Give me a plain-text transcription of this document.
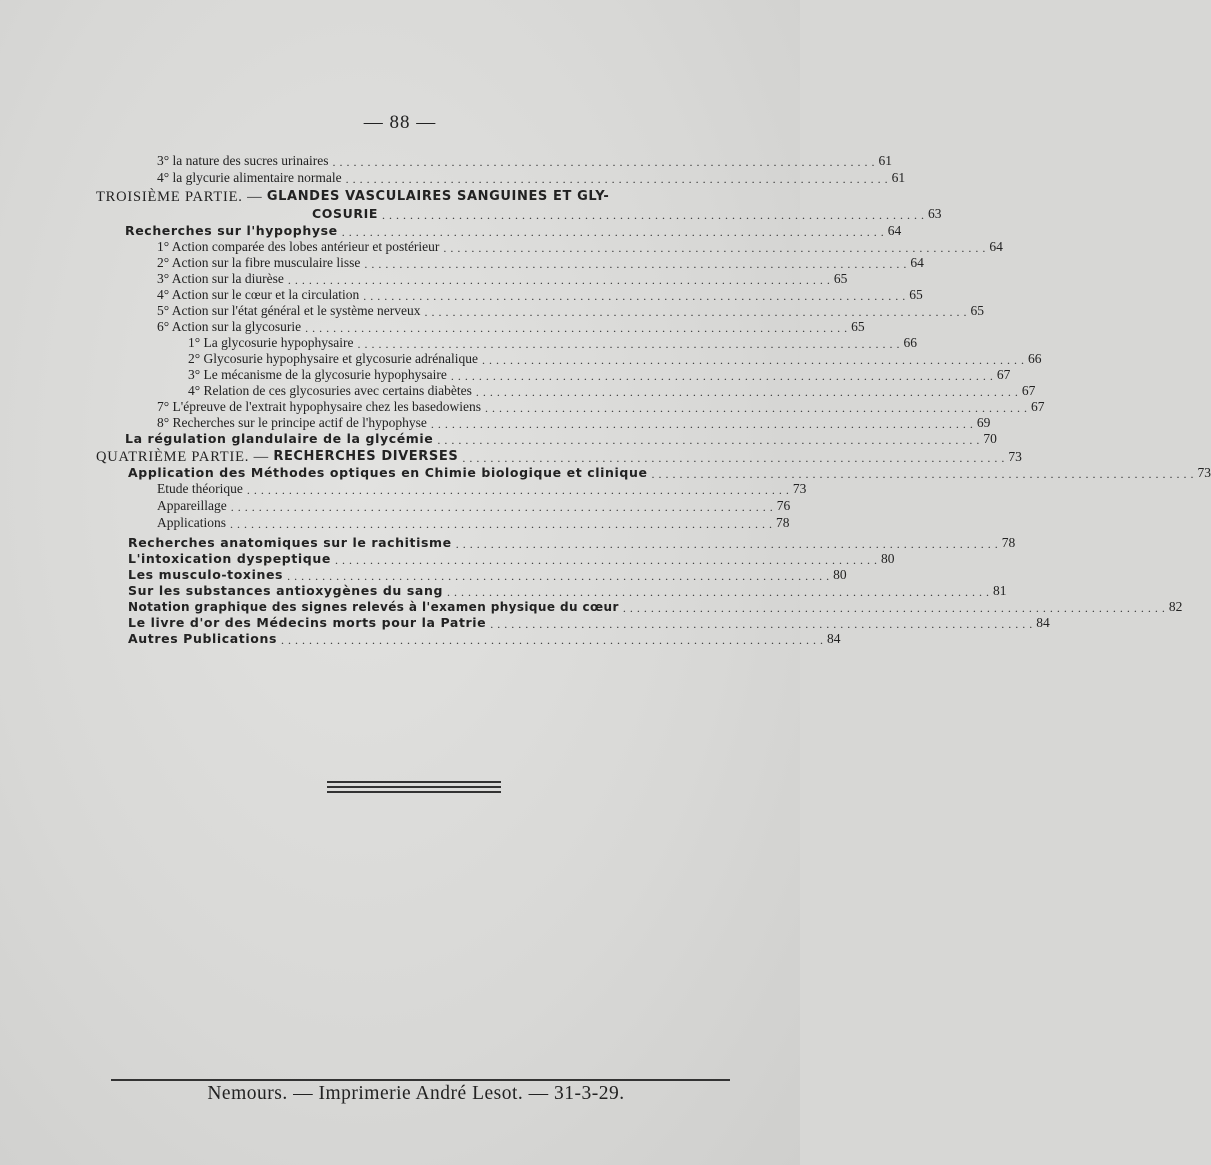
— 88 —
3° la nature des sucres urinaires .............................................................................. 61
4° la glycurie alimentaire normale .............................................................................. 61
TROISIÈME PARTIE. — GLANDES VASCULAIRES SANGUINES ET GLY-
COSURIE .............................................................................. 63
Recherches sur l'hypophyse .............................................................................. 64
1° Action comparée des lobes antérieur et postérieur .............................................................................. 64
2° Action sur la fibre musculaire lisse .............................................................................. 64
3° Action sur la diurèse .............................................................................. 65
4° Action sur le cœur et la circulation .............................................................................. 65
5° Action sur l'état général et le système nerveux .............................................................................. 65
6° Action sur la glycosurie .............................................................................. 65
1° La glycosurie hypophysaire .............................................................................. 66
2° Glycosurie hypophysaire et glycosurie adrénalique .............................................................................. 66
3° Le mécanisme de la glycosurie hypophysaire .............................................................................. 67
4° Relation de ces glycosuries avec certains diabètes .............................................................................. 67
7° L'épreuve de l'extrait hypophysaire chez les basedowiens .............................................................................. 67
8° Recherches sur le principe actif de l'hypophyse .............................................................................. 69
La régulation glandulaire de la glycémie .............................................................................. 70
QUATRIÈME PARTIE. — RECHERCHES DIVERSES .............................................................................. 73
Application des Méthodes optiques en Chimie biologique et clinique .............................................................................. 73
Etude théorique .............................................................................. 73
Appareillage .............................................................................. 76
Applications .............................................................................. 78
Recherches anatomiques sur le rachitisme .............................................................................. 78
L'intoxication dyspeptique .............................................................................. 80
Les musculo-toxines .............................................................................. 80
Sur les substances antioxygènes du sang .............................................................................. 81
Notation graphique des signes relevés à l'examen physique du cœur .............................................................................. 82
Le livre d'or des Médecins morts pour la Patrie .............................................................................. 84
Autres Publications .............................................................................. 84
Nemours. — Imprimerie André Lesot. — 31-3-29.
